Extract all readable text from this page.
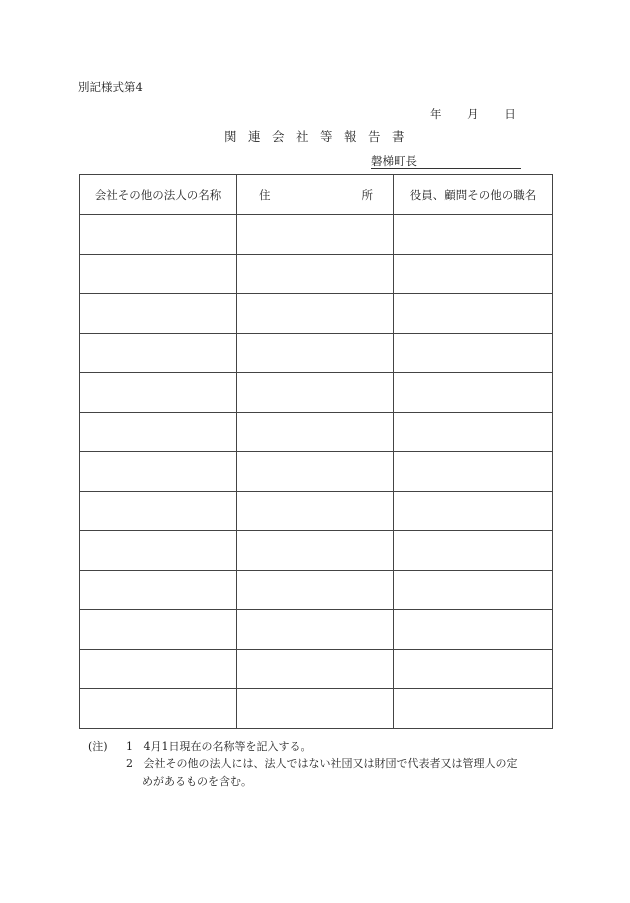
別記様式第4
年 月 日
関連会社等報告書
磐梯町長
会社その他の法人の名称	住 所	役員、顧問その他の職名

(注) 1 4月1日現在の名称等を記入する。
2 会社その他の法人には、法人ではない社団又は財団で代表者又は管理人の定
めがあるものを含む。
